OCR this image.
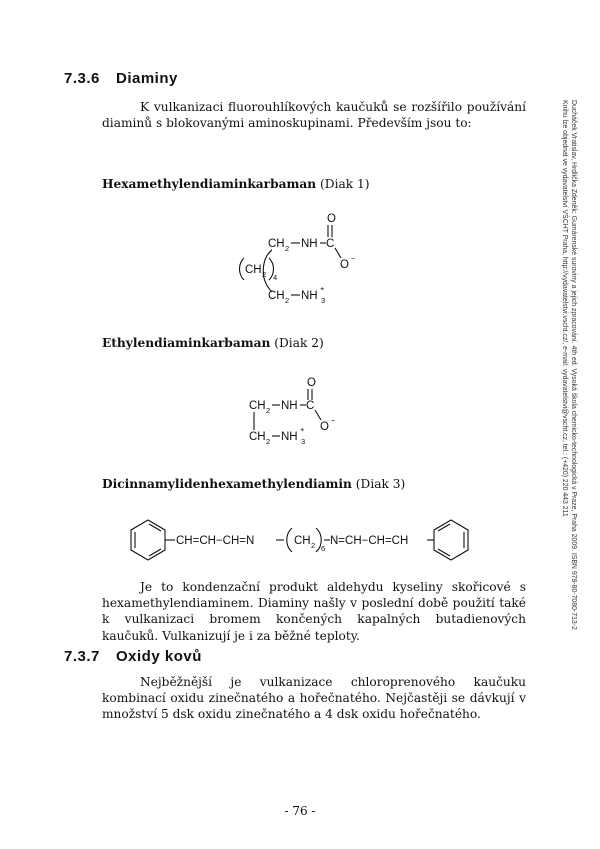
7.3.6 Diaminy
K vulkanizaci fluorouhlíkových kaučuků se rozšířilo používání diaminů s blokovanými aminoskupinami. Především jsou to:
Hexamethylendiaminkarbaman (Diak 1)
O
CH 2 NH C
O
−
CH 2 4
CH 2 NH 3
+
Ethylendiaminkarbaman (Diak 2)
O
CH 2 NH C
O
−
CH 2 NH 3
+
Dicinnamylidenhexamethylendiamin (Diak 3)
CH=CH−CH=N	CH 2 6
N=CH−CH=CH
Je to kondenzační produkt aldehydu kyseliny skořicové s hexamethylendiaminem. Diaminy našly v poslední době použití také k vulkanizaci bromem končených kapalných butadienových kaučuků. Vulkanizují je i za běžné teploty.
7.3.7 Oxidy kovů
Nejběžnější je vulkanizace chloroprenového kaučuku kombinací oxidu zinečnatého a hořečnatého. Nejčastěji se dávkují v množství 5 dsk oxidu zinečnatého a 4 dsk oxidu hořečnatého.
- 76 -
Ducháček Vratislav, Hrdlička Zdeněk: Gumárenské suroviny a jejich zpracování. 4th ed. Vysoká škola chemicko-technologická v Praze, Praha 2009. ISBN 978-80-7080-713-2
Knihu lze objednat ve vydavatelství VŠCHT Praha, http://vydavatelstvi.vscht.cz/, e-mail: vydavatelstvi@vscht.cz, tel.: (+420) 220 443 211
